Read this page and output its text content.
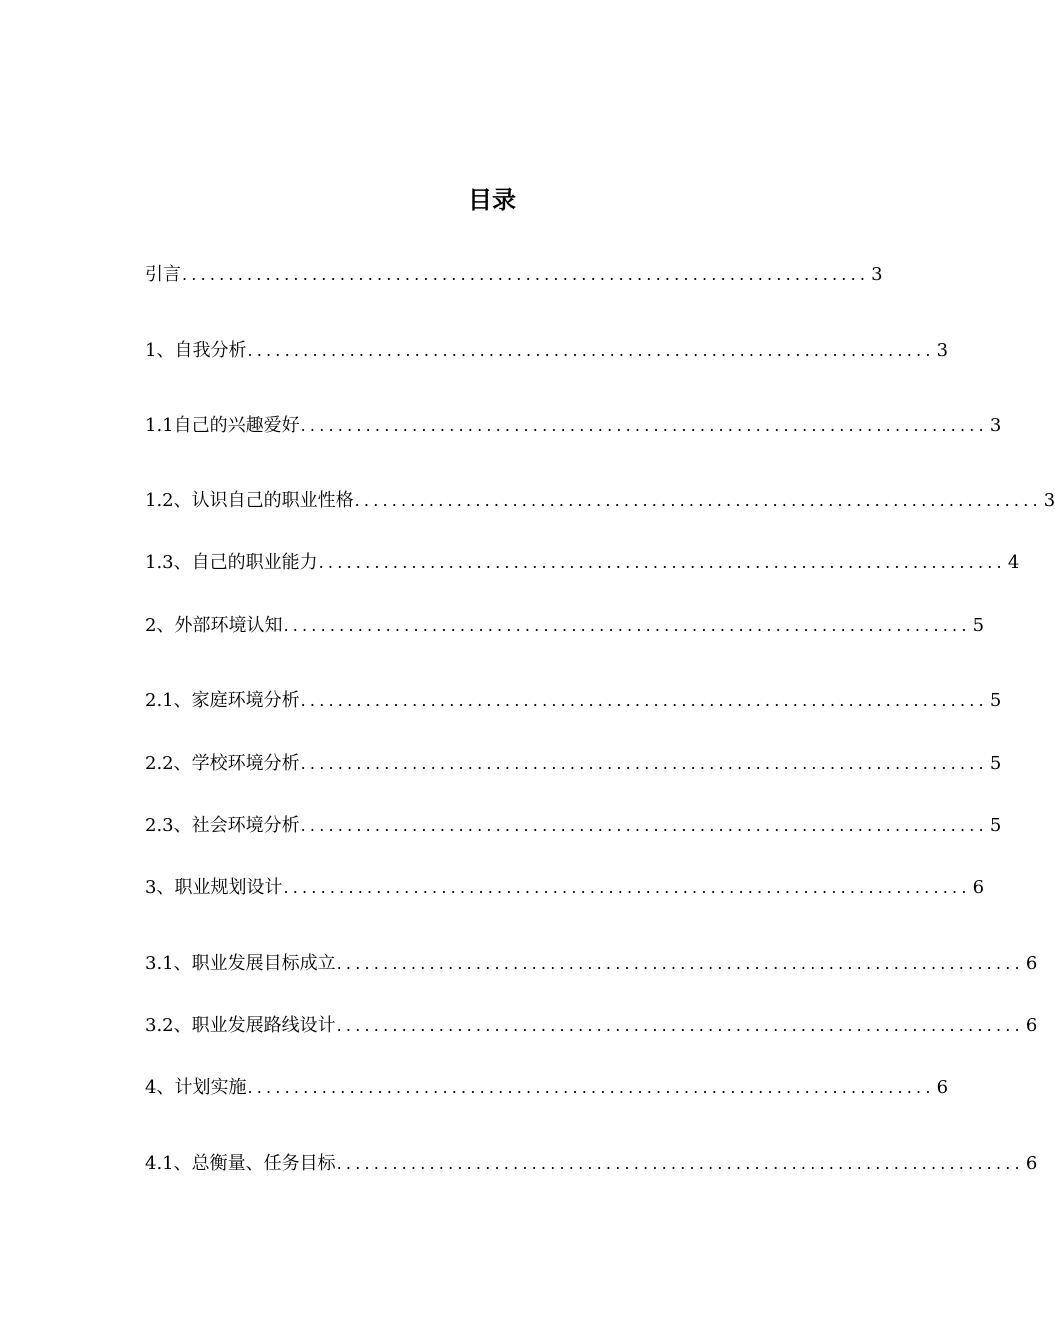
目录
引言 .......................................................................... 3
1、自我分析 .......................................................................... 3
1.1自己的兴趣爱好 .......................................................................... 3
1.2、认识自己的职业性格 .......................................................................... 3
1.3、自己的职业能力 .......................................................................... 4
2、外部环境认知 .......................................................................... 5
2.1、家庭环境分析 .......................................................................... 5
2.2、学校环境分析 .......................................................................... 5
2.3、社会环境分析 .......................................................................... 5
3、职业规划设计 .......................................................................... 6
3.1、职业发展目标成立 .......................................................................... 6
3.2、职业发展路线设计 .......................................................................... 6
4、计划实施 .......................................................................... 6
4.1、总衡量、任务目标 .......................................................................... 6
